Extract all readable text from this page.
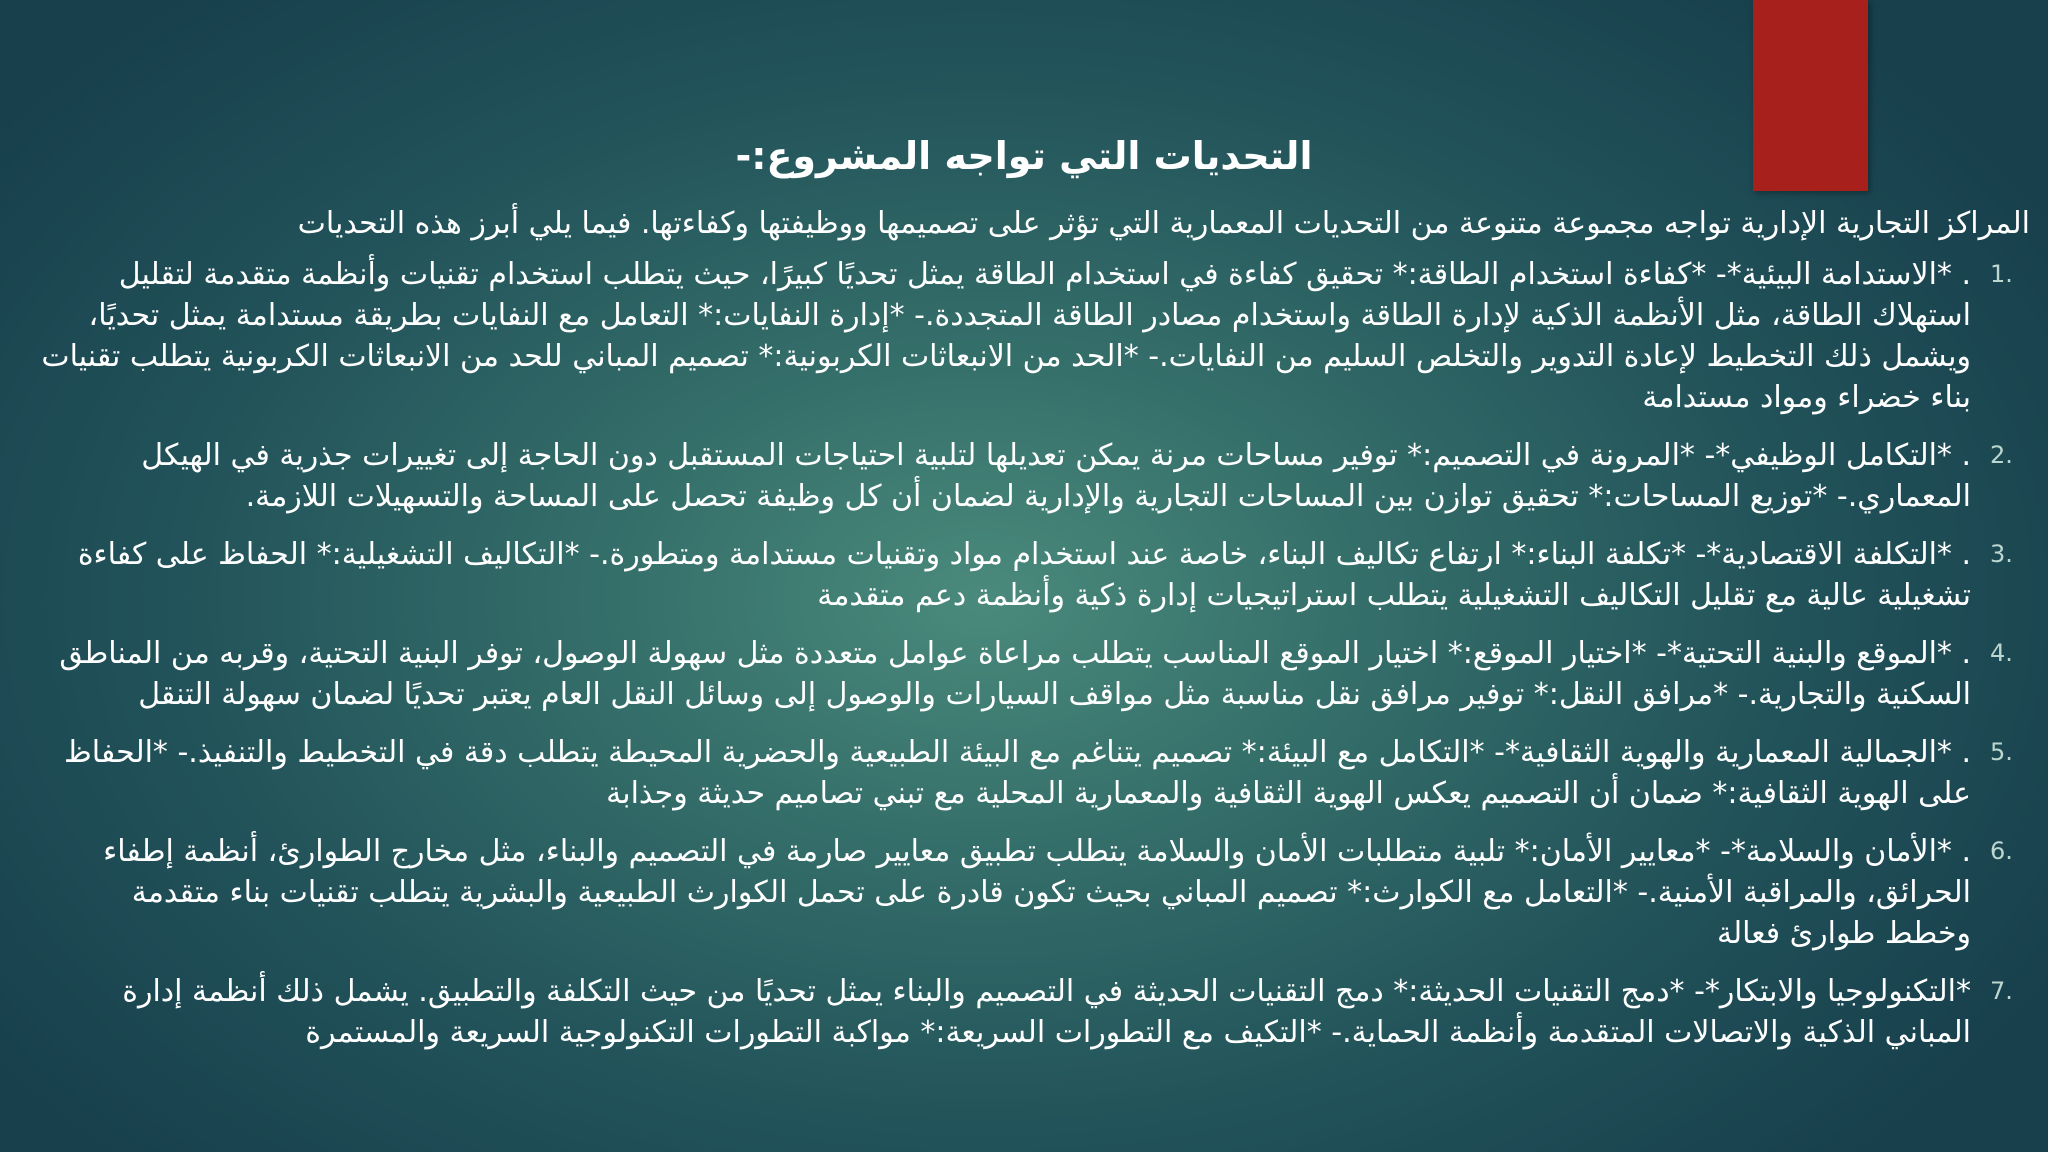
التحديات التي تواجه المشروع:-

المراكز التجارية الإدارية تواجه مجموعة متنوعة من التحديات المعمارية التي تؤثر على تصميمها ووظيفتها وكفاءتها. فيما يلي أبرز هذه التحديات

1.
. *الاستدامة البيئية*- *كفاءة استخدام الطاقة:* تحقيق كفاءة في استخدام الطاقة يمثل تحديًا كبيرًا، حيث يتطلب استخدام تقنيات وأنظمة متقدمة لتقليل استهلاك الطاقة، مثل الأنظمة الذكية لإدارة الطاقة واستخدام مصادر الطاقة المتجددة.- *إدارة النفايات:* التعامل مع النفايات بطريقة مستدامة يمثل تحديًا، ويشمل ذلك التخطيط لإعادة التدوير والتخلص السليم من النفايات.- *الحد من الانبعاثات الكربونية:* تصميم المباني للحد من الانبعاثات الكربونية يتطلب تقنيات بناء خضراء ومواد مستدامة
2.
. *التكامل الوظيفي*- *المرونة في التصميم:* توفير مساحات مرنة يمكن تعديلها لتلبية احتياجات المستقبل دون الحاجة إلى تغييرات جذرية في الهيكل المعماري.- *توزيع المساحات:* تحقيق توازن بين المساحات التجارية والإدارية لضمان أن كل وظيفة تحصل على المساحة والتسهيلات اللازمة.
3.
. *التكلفة الاقتصادية*- *تكلفة البناء:* ارتفاع تكاليف البناء، خاصة عند استخدام مواد وتقنيات مستدامة ومتطورة.- *التكاليف التشغيلية:* الحفاظ على كفاءة تشغيلية عالية مع تقليل التكاليف التشغيلية يتطلب استراتيجيات إدارة ذكية وأنظمة دعم متقدمة
4.
. *الموقع والبنية التحتية*- *اختيار الموقع:* اختيار الموقع المناسب يتطلب مراعاة عوامل متعددة مثل سهولة الوصول، توفر البنية التحتية، وقربه من المناطق السكنية والتجارية.- *مرافق النقل:* توفير مرافق نقل مناسبة مثل مواقف السيارات والوصول إلى وسائل النقل العام يعتبر تحديًا لضمان سهولة التنقل
5.
. *الجمالية المعمارية والهوية الثقافية*- *التكامل مع البيئة:* تصميم يتناغم مع البيئة الطبيعية والحضرية المحيطة يتطلب دقة في التخطيط والتنفيذ.- *الحفاظ على الهوية الثقافية:* ضمان أن التصميم يعكس الهوية الثقافية والمعمارية المحلية مع تبني تصاميم حديثة وجذابة
6.
. *الأمان والسلامة*- *معايير الأمان:* تلبية متطلبات الأمان والسلامة يتطلب تطبيق معايير صارمة في التصميم والبناء، مثل مخارج الطوارئ، أنظمة إطفاء الحرائق، والمراقبة الأمنية.- *التعامل مع الكوارث:* تصميم المباني بحيث تكون قادرة على تحمل الكوارث الطبيعية والبشرية يتطلب تقنيات بناء متقدمة وخطط طوارئ فعالة
7.
*التكنولوجيا والابتكار*- *دمج التقنيات الحديثة:* دمج التقنيات الحديثة في التصميم والبناء يمثل تحديًا من حيث التكلفة والتطبيق. يشمل ذلك أنظمة إدارة المباني الذكية والاتصالات المتقدمة وأنظمة الحماية.- *التكيف مع التطورات السريعة:* مواكبة التطورات التكنولوجية السريعة والمستمرة
